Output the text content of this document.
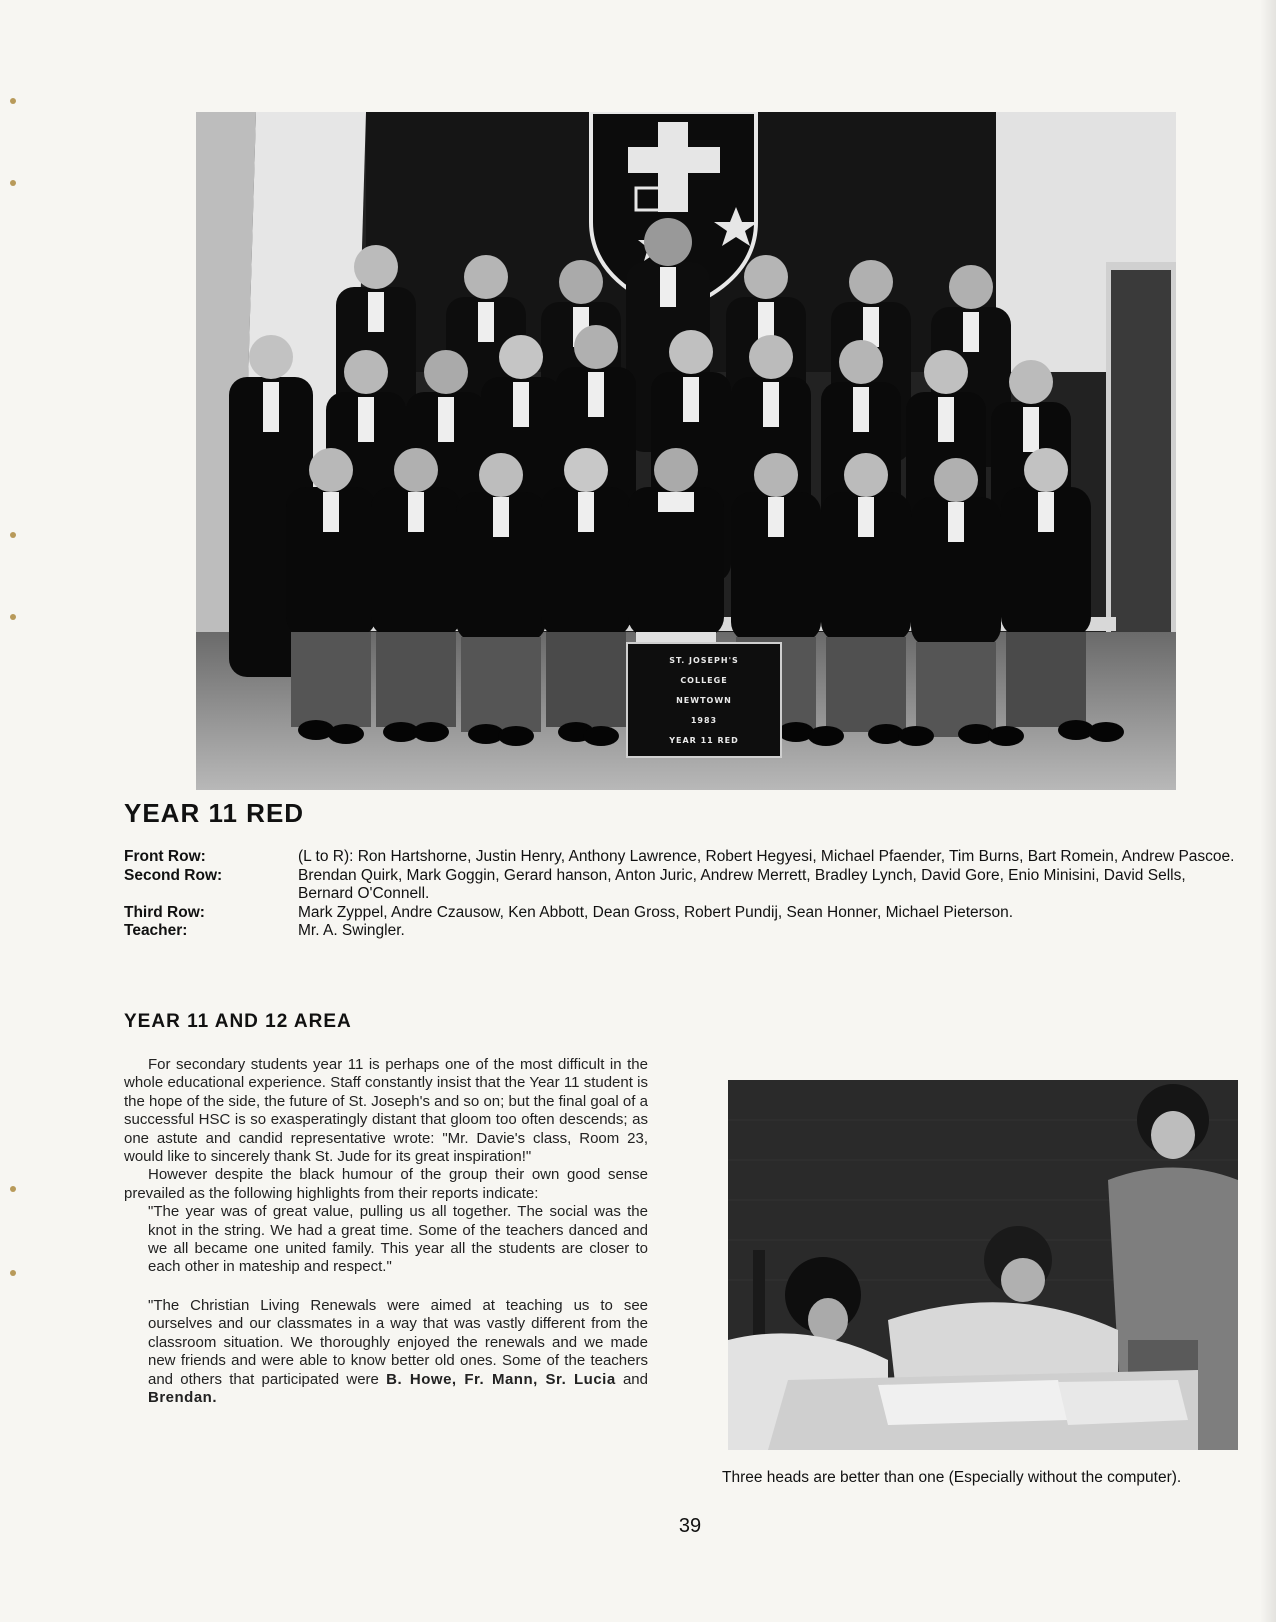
ST. JOSEPH'S
COLLEGE
NEWTOWN
1983
YEAR 11 RED
YEAR 11 RED
Front Row:	(L to R): Ron Hartshorne, Justin Henry, Anthony Lawrence, Robert Hegyesi, Michael Pfaender, Tim Burns, Bart Romein, Andrew Pascoe.
Second Row:	Brendan Quirk, Mark Goggin, Gerard hanson, Anton Juric, Andrew Merrett, Bradley Lynch, David Gore, Enio Minisini, David Sells, Bernard O'Connell.
Third Row:	Mark Zyppel, Andre Czausow, Ken Abbott, Dean Gross, Robert Pundij, Sean Honner, Michael Pieterson.
Teacher:	Mr. A. Swingler.
YEAR 11 AND 12 AREA

For secondary students year 11 is perhaps one of the most difficult in the whole educational experience. Staff constantly insist that the Year 11 student is the hope of the side, the future of St. Joseph's and so on; but the final goal of a successful HSC is so exasperatingly distant that gloom too often descends; as one astute and candid representative wrote: "Mr. Davie's class, Room 23, would like to sincerely thank St. Jude for its great inspiration!"

However despite the black humour of the group their own good sense prevailed as the following highlights from their reports indicate:

"The year was of great value, pulling us all together. The social was the knot in the string. We had a great time. Some of the teachers danced and we all became one united family. This year all the students are closer to each other in mateship and respect."

"The Christian Living Renewals were aimed at teaching us to see ourselves and our classmates in a way that was vastly different from the classroom situation. We thoroughly enjoyed the renewals and we made new friends and were able to know better old ones. Some of the teachers and others that participated were B. Howe, Fr. Mann, Sr. Lucia and Brendan.

Three heads are better than one (Especially without the computer).
39
